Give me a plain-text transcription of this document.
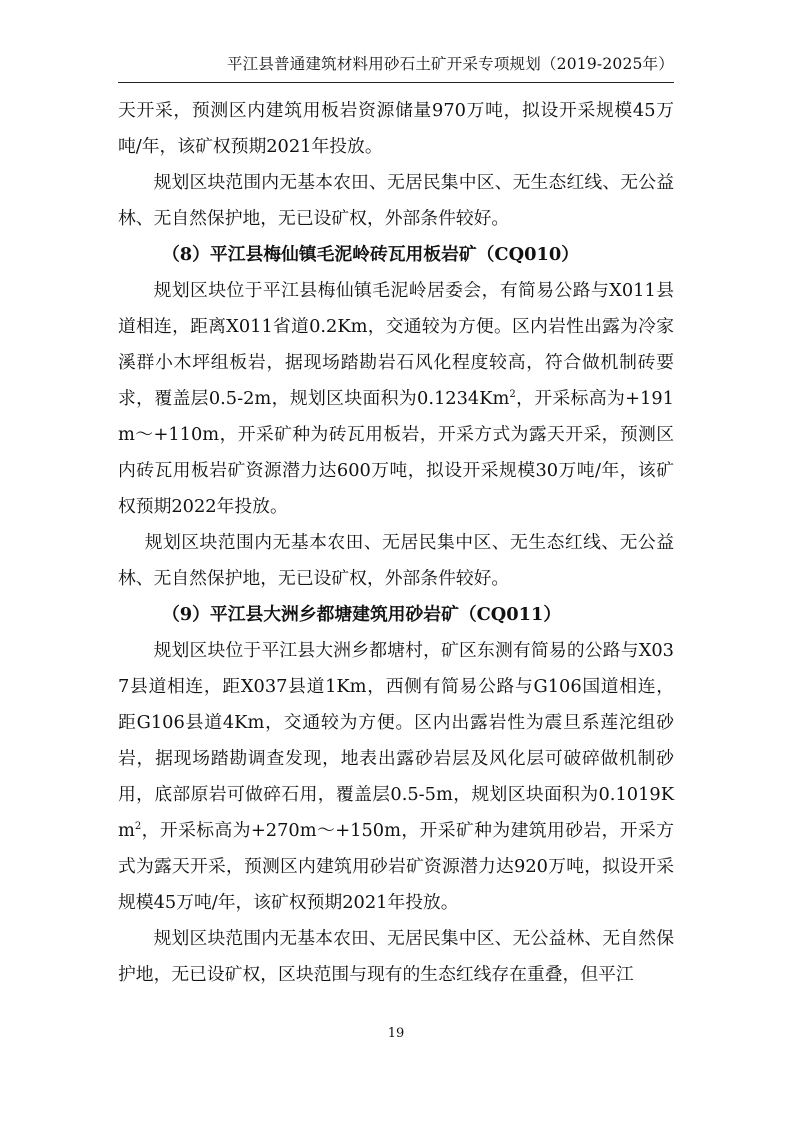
平江县普通建筑材料用砂石土矿开采专项规划（2019-2025年）

天开采，预测区内建筑用板岩资源储量970万吨，拟设开采规模45万吨/年，该矿权预期2021年投放。

规划区块范围内无基本农田、无居民集中区、无生态红线、无公益林、无自然保护地，无已设矿权，外部条件较好。

（8）平江县梅仙镇毛泥岭砖瓦用板岩矿（CQ010）

规划区块位于平江县梅仙镇毛泥岭居委会，有简易公路与X011县道相连，距离X011省道0.2Km，交通较为方便。区内岩性出露为冷家溪群小木坪组板岩，据现场踏勘岩石风化程度较高，符合做机制砖要求，覆盖层0.5-2m，规划区块面积为0.1234Km$^2$，开采标高为+191m～+110m，开采矿种为砖瓦用板岩，开采方式为露天开采，预测区内砖瓦用板岩矿资源潜力达600万吨，拟设开采规模30万吨/年，该矿权预期2022年投放。

规划区块范围内无基本农田、无居民集中区、无生态红线、无公益林、无自然保护地，无已设矿权，外部条件较好。

（9）平江县大洲乡都塘建筑用砂岩矿（CQ011）

规划区块位于平江县大洲乡都塘村，矿区东测有简易的公路与X037县道相连，距X037县道1Km，西侧有简易公路与G106国道相连，距G106县道4Km，交通较为方便。区内出露岩性为震旦系莲沱组砂岩，据现场踏勘调查发现，地表出露砂岩层及风化层可破碎做机制砂用，底部原岩可做碎石用，覆盖层0.5-5m，规划区块面积为0.1019Km$^2$，开采标高为+270m～+150m，开采矿种为建筑用砂岩，开采方式为露天开采，预测区内建筑用砂岩矿资源潜力达920万吨，拟设开采规模45万吨/年，该矿权预期2021年投放。

规划区块范围内无基本农田、无居民集中区、无公益林、无自然保护地，无已设矿权，区块范围与现有的生态红线存在重叠，但平江

19
